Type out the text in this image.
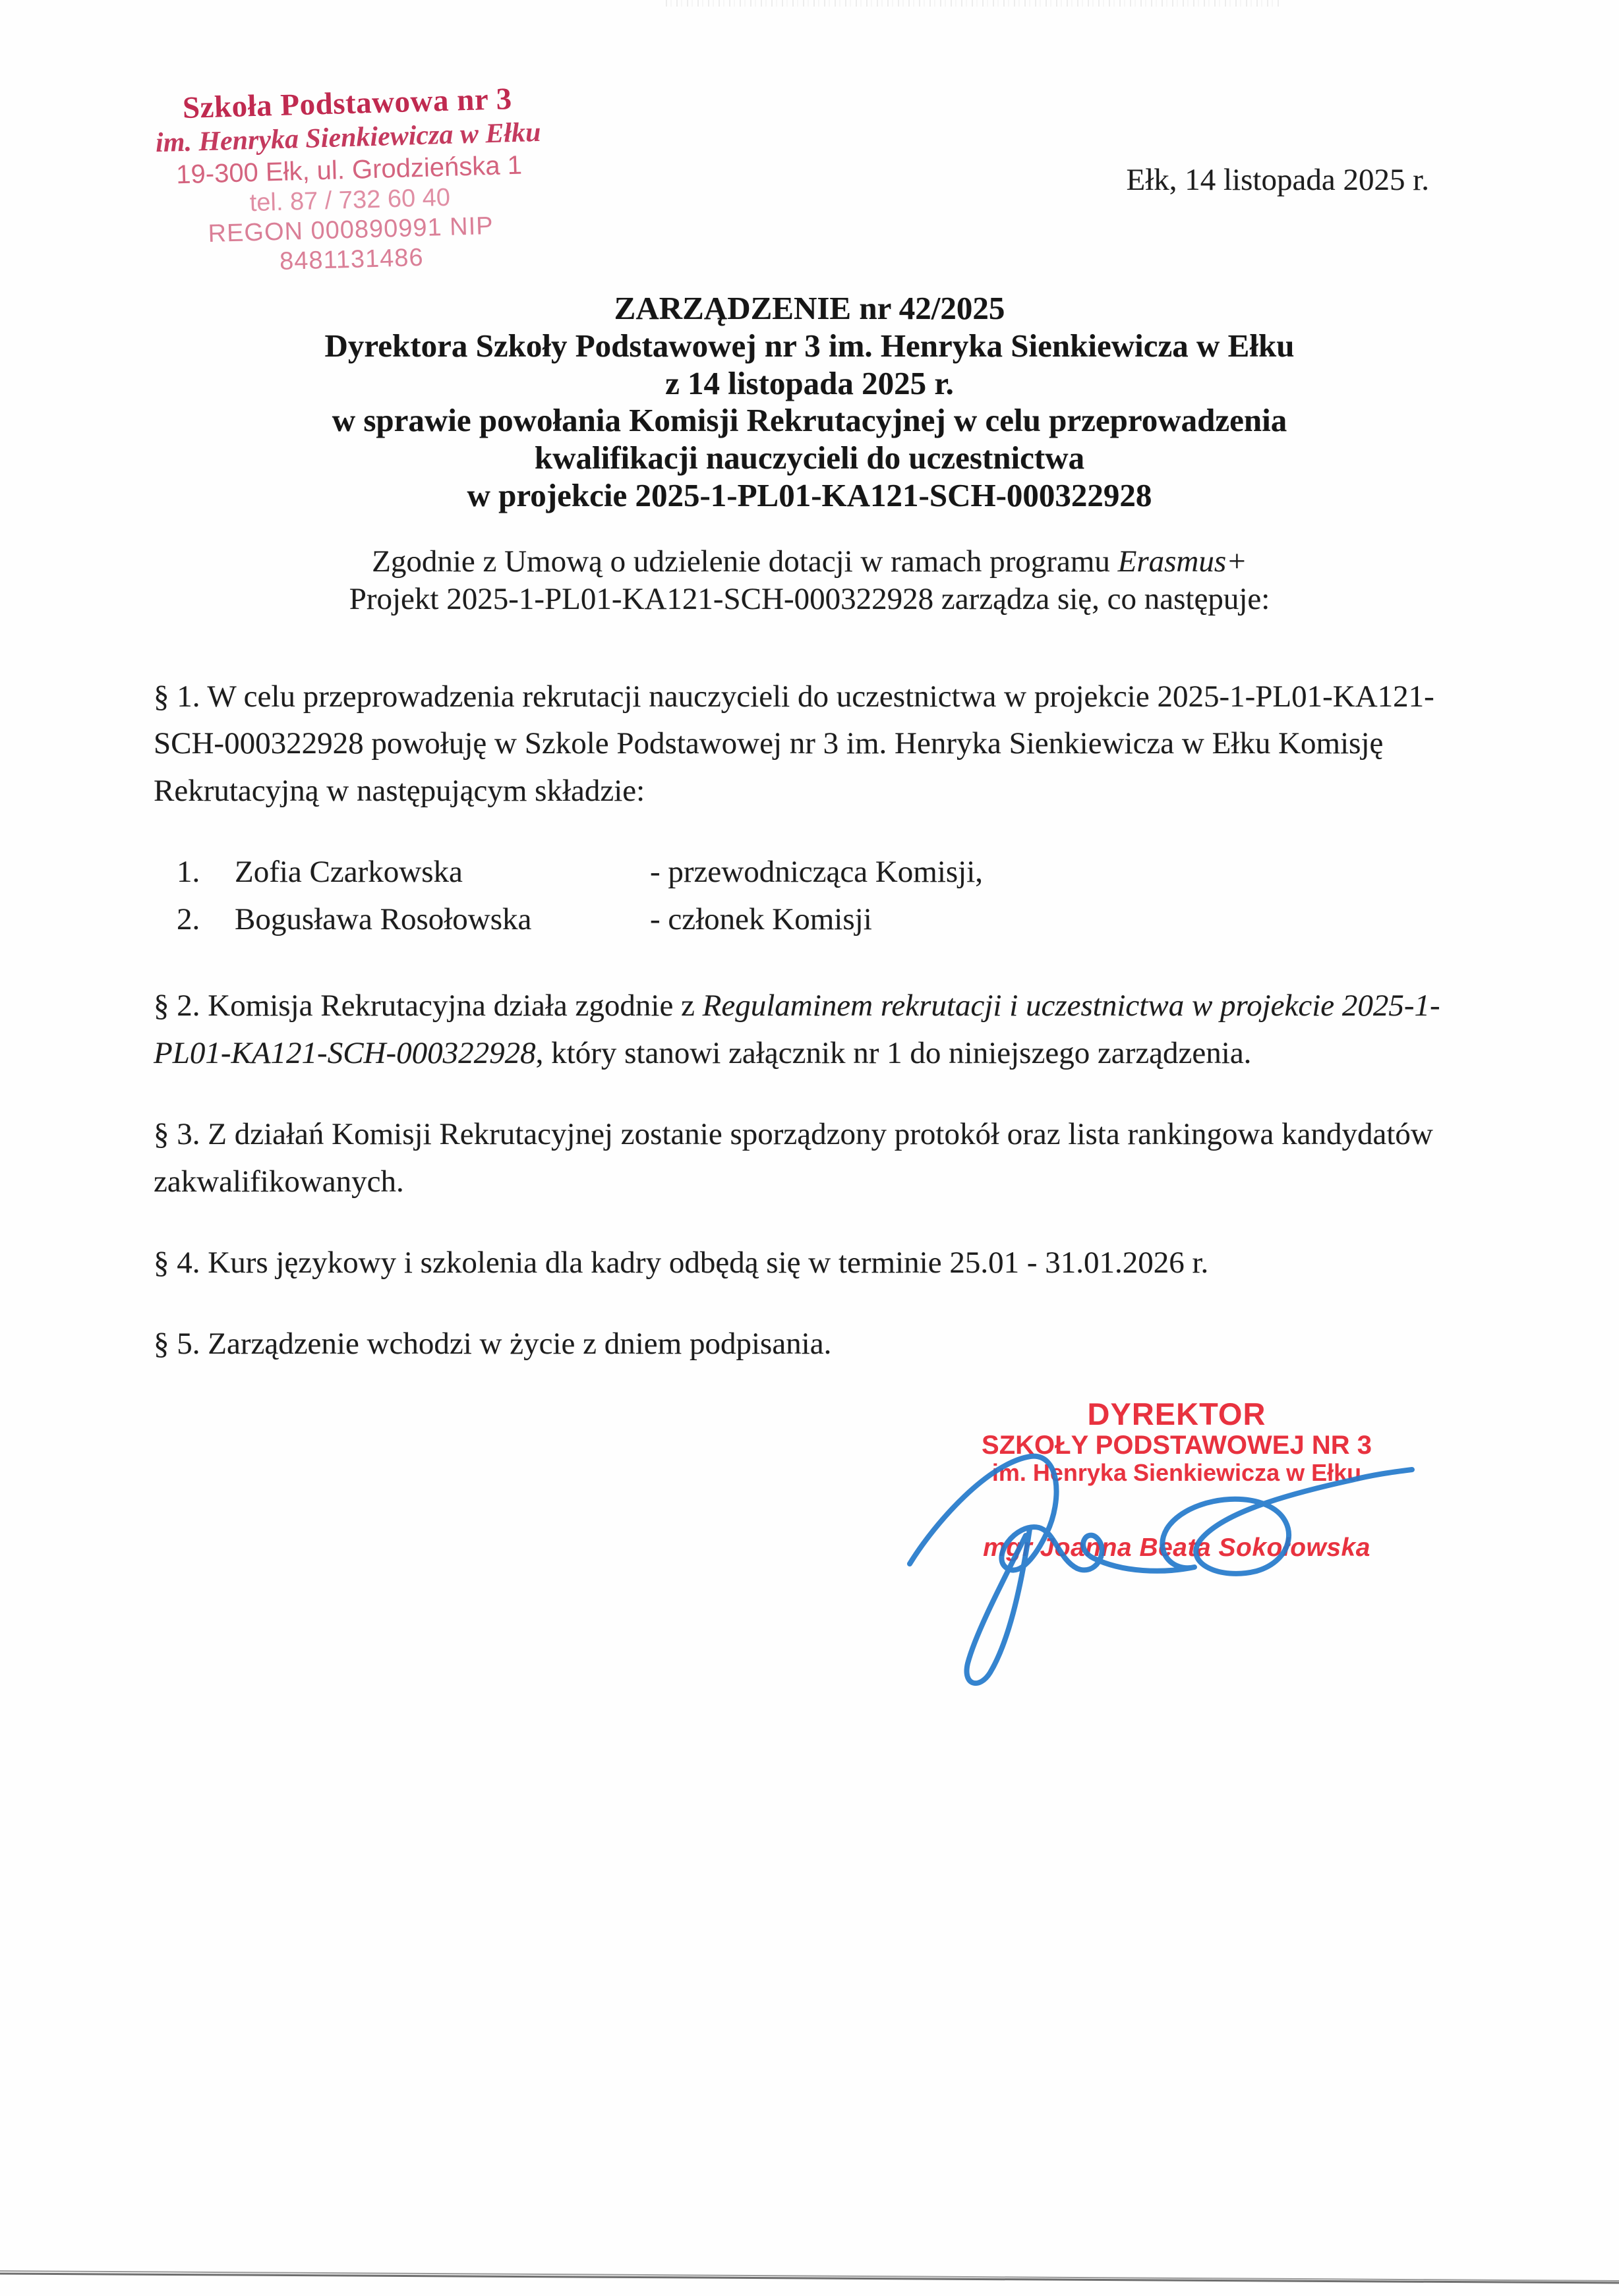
Szkoła Podstawowa nr 3
im. Henryka Sienkiewicza w Ełku
19-300 Ełk, ul. Grodzieńska 1
tel. 87 / 732 60 40
REGON 000890991 NIP 8481131486
Ełk, 14 listopada 2025 r.
ZARZĄDZENIE nr 42/2025
Dyrektora Szkoły Podstawowej nr 3 im. Henryka Sienkiewicza w Ełku
z 14 listopada 2025 r.
w sprawie powołania Komisji Rekrutacyjnej w celu przeprowadzenia
kwalifikacji nauczycieli do uczestnictwa
w projekcie 2025-1-PL01-KA121-SCH-000322928
Zgodnie z Umową o udzielenie dotacji w ramach programu Erasmus+
Projekt 2025-1-PL01-KA121-SCH-000322928 zarządza się, co następuje:

§ 1. W celu przeprowadzenia rekrutacji nauczycieli do uczestnictwa w projekcie 2025-1-PL01-KA121-SCH-000322928 powołuję w Szkole Podstawowej nr 3 im. Henryka Sienkiewicza w Ełku Komisję Rekrutacyjną w następującym składzie:

1.	Zofia Czarkowska	- przewodnicząca Komisji,
2.	Bogusława Rosołowska	- członek Komisji

§ 2. Komisja Rekrutacyjna działa zgodnie z Regulaminem rekrutacji i uczestnictwa w projekcie 2025-1-PL01-KA121-SCH-000322928, który stanowi załącznik nr 1 do niniejszego zarządzenia.

§ 3. Z działań Komisji Rekrutacyjnej zostanie sporządzony protokół oraz lista rankingowa kandydatów zakwalifikowanych.

§ 4. Kurs językowy i szkolenia dla kadry odbędą się w terminie 25.01 - 31.01.2026 r.

§ 5. Zarządzenie wchodzi w życie z dniem podpisania.

DYREKTOR
SZKOŁY PODSTAWOWEJ NR 3
im. Henryka Sienkiewicza w Ełku
mgr Joanna Beata Sokołowska
